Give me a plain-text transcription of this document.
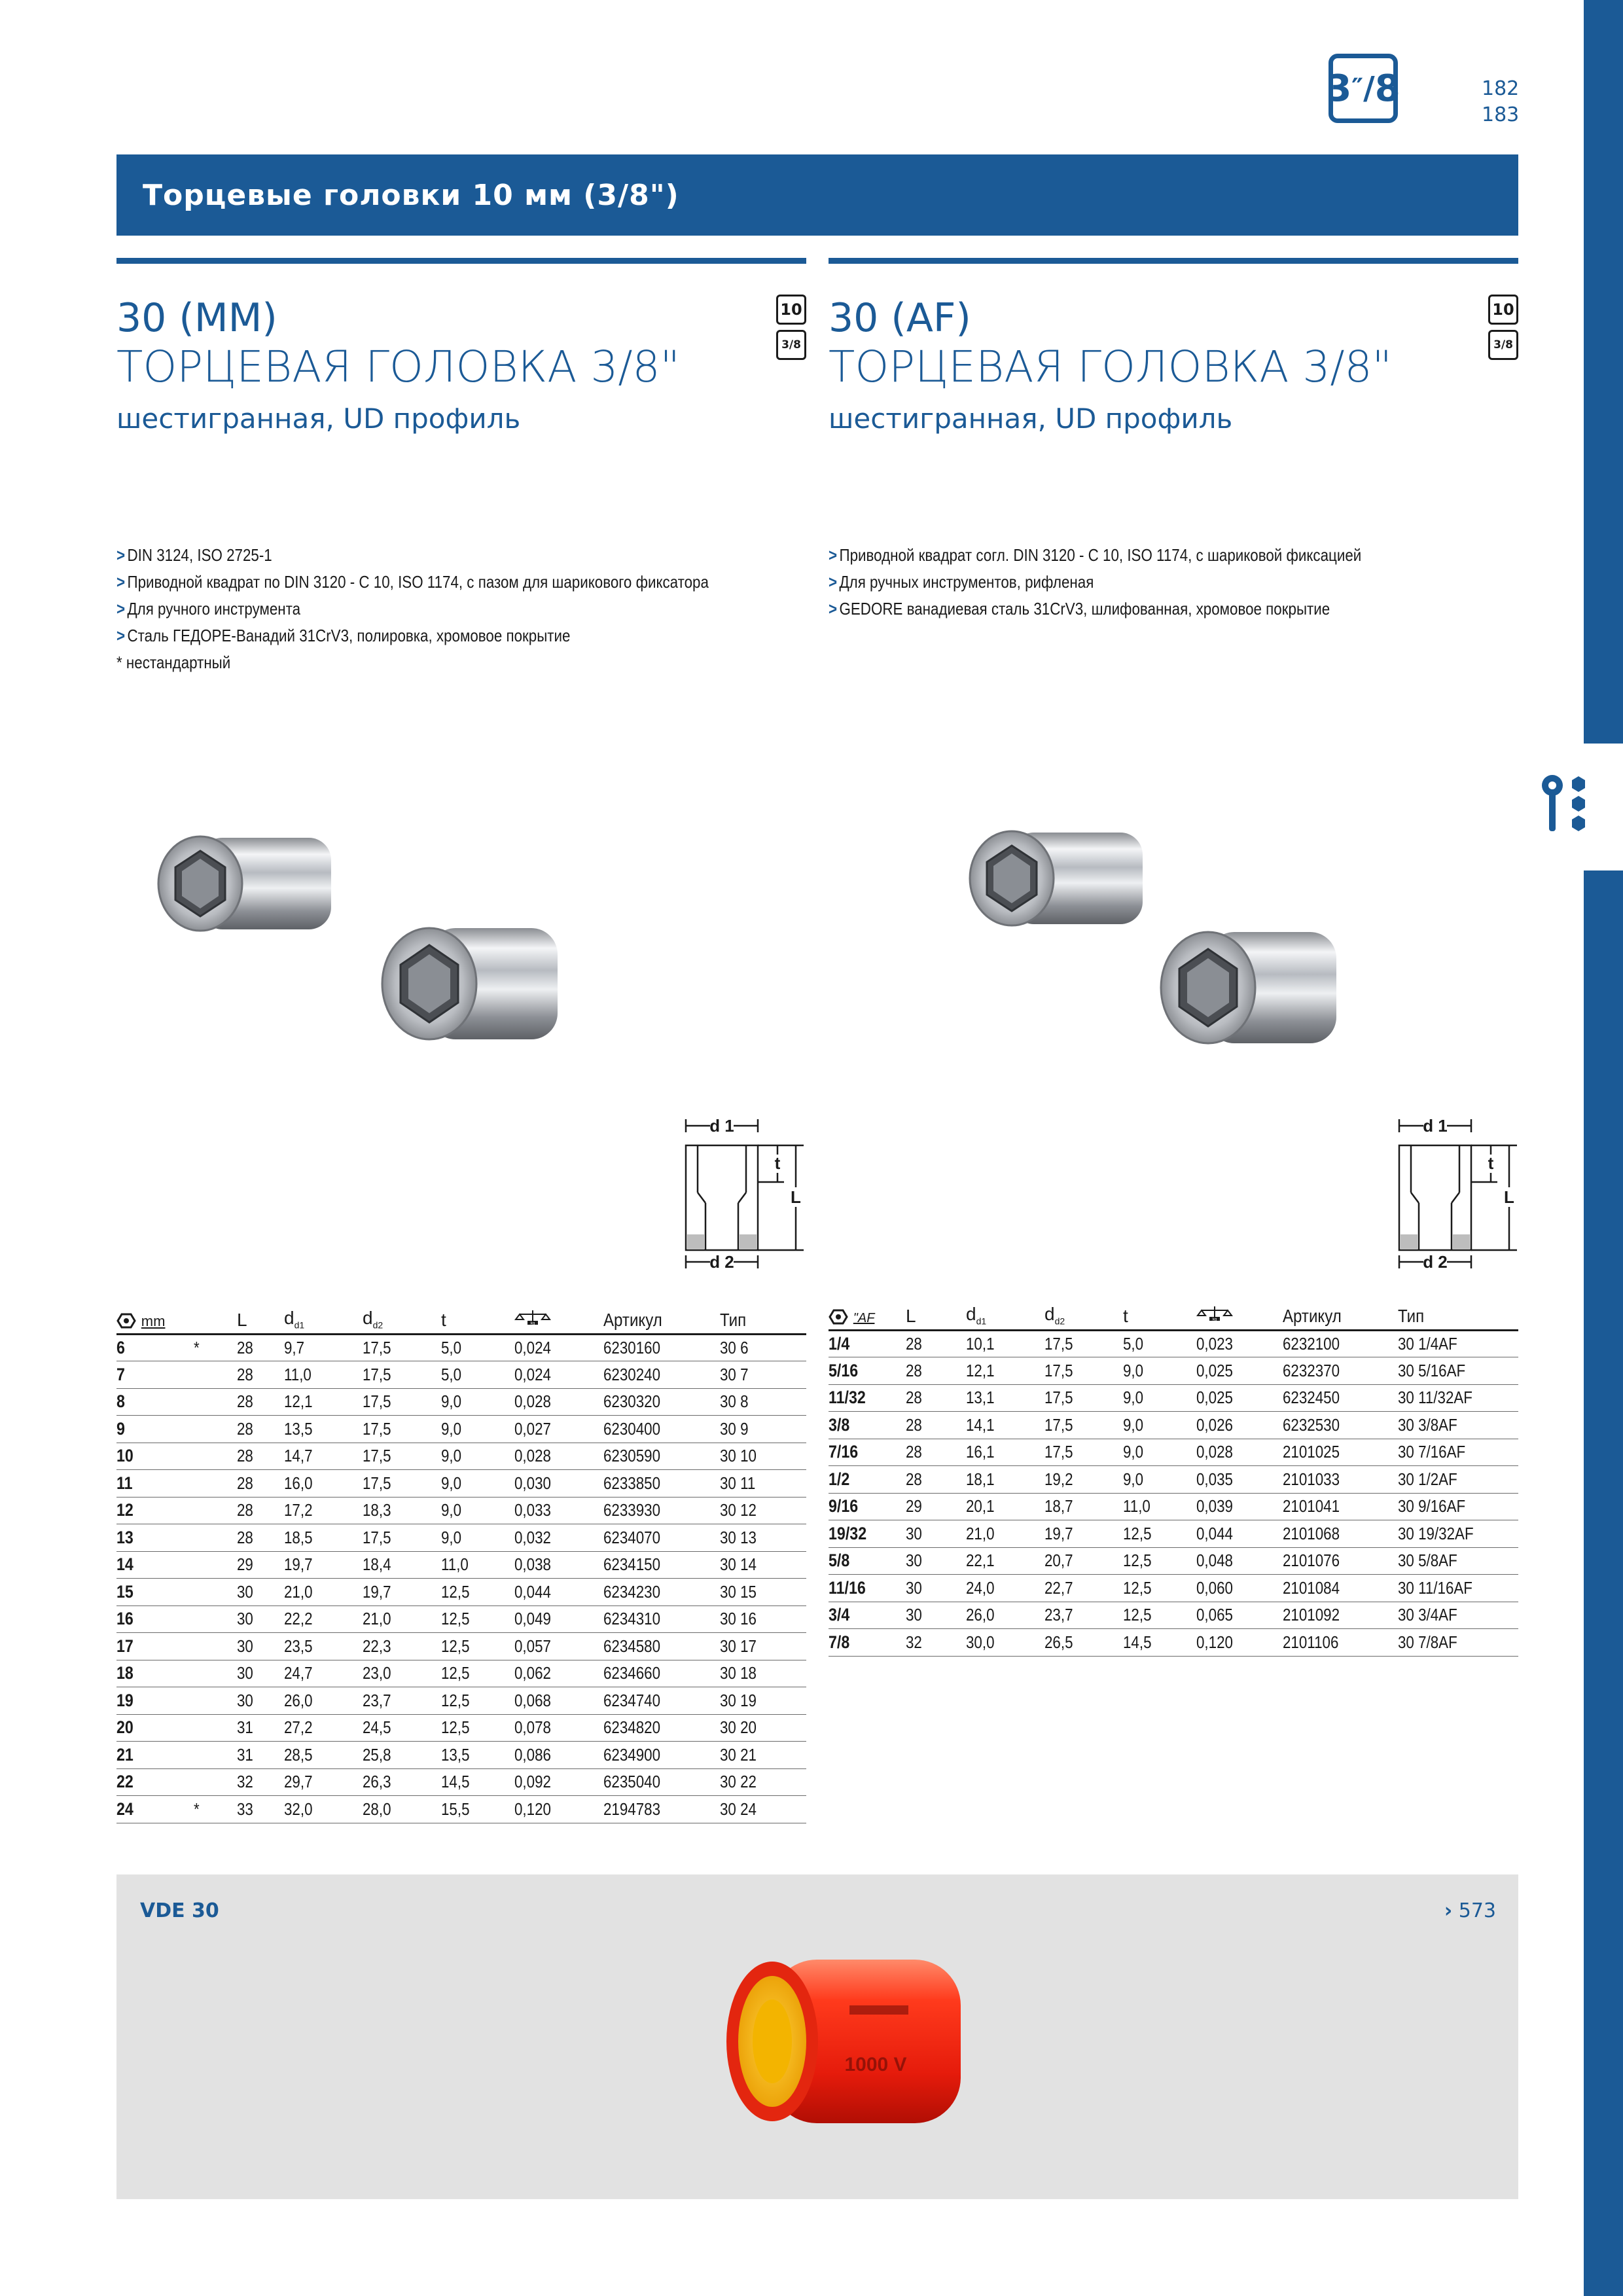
3 ″ / 8	182
183
Торцевые головки 10 мм (3/8")
30 (MM)
ТОРЦЕВАЯ ГОЛОВКА 3/8"
шестигранная, UD профиль
10
3/8
> DIN 3124, ISO 2725-1
> Приводной квадрат по DIN 3120 - C 10, ISO 1174, с пазом для шарикового фиксатора
> Для ручного инструмента
> Сталь ГЕДОРЕ-Ванадий 31CrV3, полировка, хромовое покрытие
* нестандартный
30 (AF)
ТОРЦЕВАЯ ГОЛОВКА 3/8"
шестигранная, UD профиль
10
3/8
> Приводной квадрат согл. DIN 3120 - C 10, ISO 1174, с шариковой фиксацией
> Для ручных инструментов, рифленая
> GEDORE ванадиевая сталь 31CrV3, шлифованная, хромовое покрытие
d 1
d 2
t
L
d 1
d 2
t
L
mm		L	$d_{d1}$	$d_{d2}$	t	kg	Артикул	Тип
6	*	28	9,7	17,5	5,0	0,024	6230160	30 6
7		28	11,0	17,5	5,0	0,024	6230240	30 7
8		28	12,1	17,5	9,0	0,028	6230320	30 8
9		28	13,5	17,5	9,0	0,027	6230400	30 9
10		28	14,7	17,5	9,0	0,028	6230590	30 10
11		28	16,0	17,5	9,0	0,030	6233850	30 11
12		28	17,2	18,3	9,0	0,033	6233930	30 12
13		28	18,5	17,5	9,0	0,032	6234070	30 13
14		29	19,7	18,4	11,0	0,038	6234150	30 14
15		30	21,0	19,7	12,5	0,044	6234230	30 15
16		30	22,2	21,0	12,5	0,049	6234310	30 16
17		30	23,5	22,3	12,5	0,057	6234580	30 17
18		30	24,7	23,0	12,5	0,062	6234660	30 18
19		30	26,0	23,7	12,5	0,068	6234740	30 19
20		31	27,2	24,5	12,5	0,078	6234820	30 20
21		31	28,5	25,8	13,5	0,086	6234900	30 21
22		32	29,7	26,3	14,5	0,092	6235040	30 22
24	*	33	32,0	28,0	15,5	0,120	2194783	30 24
"AF	L	$d_{d1}$	$d_{d2}$	t	kg	Артикул	Тип
1/4	28	10,1	17,5	5,0	0,023	6232100	30 1/4AF
5/16	28	12,1	17,5	9,0	0,025	6232370	30 5/16AF
11/32	28	13,1	17,5	9,0	0,025	6232450	30 11/32AF
3/8	28	14,1	17,5	9,0	0,026	6232530	30 3/8AF
7/16	28	16,1	17,5	9,0	0,028	2101025	30 7/16AF
1/2	28	18,1	19,2	9,0	0,035	2101033	30 1/2AF
9/16	29	20,1	18,7	11,0	0,039	2101041	30 9/16AF
19/32	30	21,0	19,7	12,5	0,044	2101068	30 19/32AF
5/8	30	22,1	20,7	12,5	0,048	2101076	30 5/8AF
11/16	30	24,0	22,7	12,5	0,060	2101084	30 11/16AF
3/4	30	26,0	23,7	12,5	0,065	2101092	30 3/4AF
7/8	32	30,0	26,5	14,5	0,120	2101106	30 7/8AF
VDE 30	› 573
1000 V
